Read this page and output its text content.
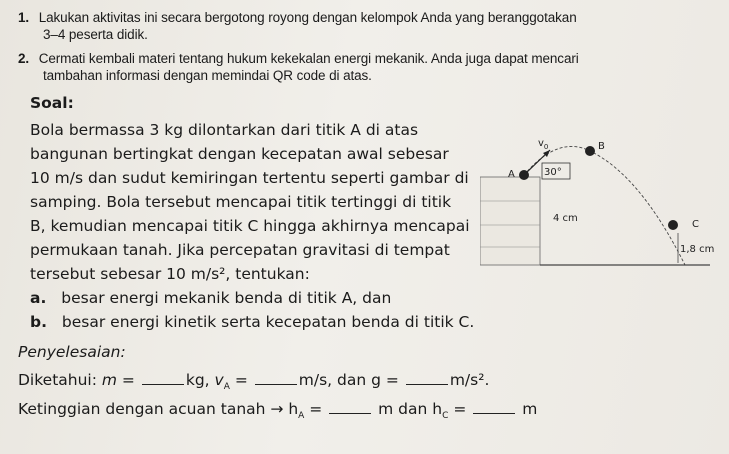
1. Lakukan aktivitas ini secara bergotong royong dengan kelompok Anda yang beranggotakan
3–4 peserta didik.
2. Cermati kembali materi tentang hukum kekekalan energi mekanik. Anda juga dapat mencari
tambahan informasi dengan memindai QR code di atas.
Soal:
Bola bermassa 3 kg dilontarkan dari titik A di atas
bangunan bertingkat dengan kecepatan awal sebesar
10 m/s dan sudut kemiringan tertentu seperti gambar di
samping. Bola tersebut mencapai titik tertinggi di titik
B, kemudian mencapai titik C hingga akhirnya mencapai
permukaan tanah. Jika percepatan gravitasi di tempat
tersebut sebesar 10 m/s², tentukan:
a. besar energi mekanik benda di titik A, dan
b. besar energi kinetik serta kecepatan benda di titik C.
Penyelesaian:
Diketahui: m =	kg, $v_A$ =	m/s, dan g =	m/s².
Ketinggian dengan acuan tanah → $h_A$ =	m dan $h_C$ =	m
30°
A
B
C
$v_0$
4 cm
1,8 cm
